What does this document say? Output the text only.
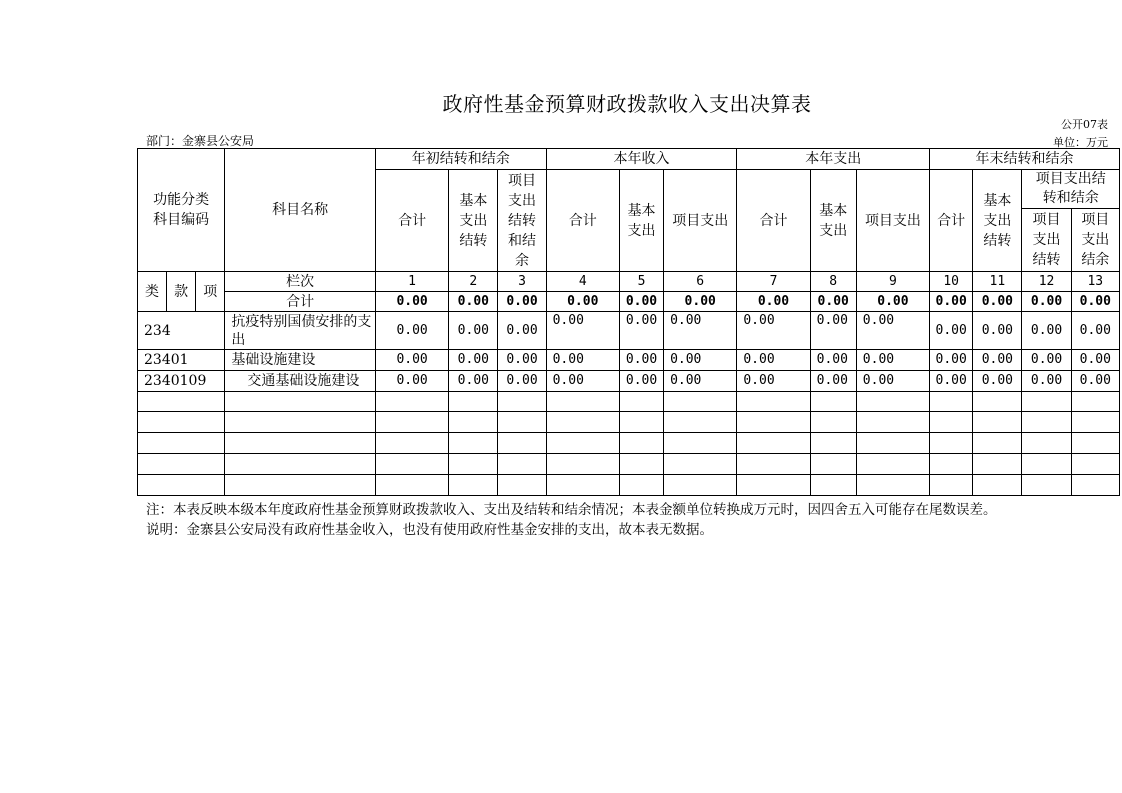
政府性基金预算财政拨款收入支出决算表
公开07表
部门：金寨县公安局	单位：万元
功能分类科目编码			科目名称	年初结转和结余			本年收入			本年支出			年末结转和结余			
				合计	基本支出结转	项目支出结转和结余	合计	基本支出	项目支出	合计	基本支出	项目支出	合计	基本支出结转	项目支出结转和结余	
															项目支出结转	项目支出结余
类	款	项	栏次	1	2	3	4	5	6	7	8	9	10	11	12	13
			合计	0.00	0.00	0.00	0.00	0.00	0.00	0.00	0.00	0.00	0.00	0.00	0.00	0.00
234			抗疫特别国债安排的支出	0.00	0.00	0.00	0.00	0.00	0.00	0.00	0.00	0.00	0.00	0.00	0.00	0.00
23401			基础设施建设	0.00	0.00	0.00	0.00	0.00	0.00	0.00	0.00	0.00	0.00	0.00	0.00	0.00
2340109			交通基础设施建设	0.00	0.00	0.00	0.00	0.00	0.00	0.00	0.00	0.00	0.00	0.00	0.00	0.00

注：本表反映本级本年度政府性基金预算财政拨款收入、支出及结转和结余情况；本表金额单位转换成万元时，因四舍五入可能存在尾数误差。
说明：金寨县公安局没有政府性基金收入，也没有使用政府性基金安排的支出，故本表无数据。
